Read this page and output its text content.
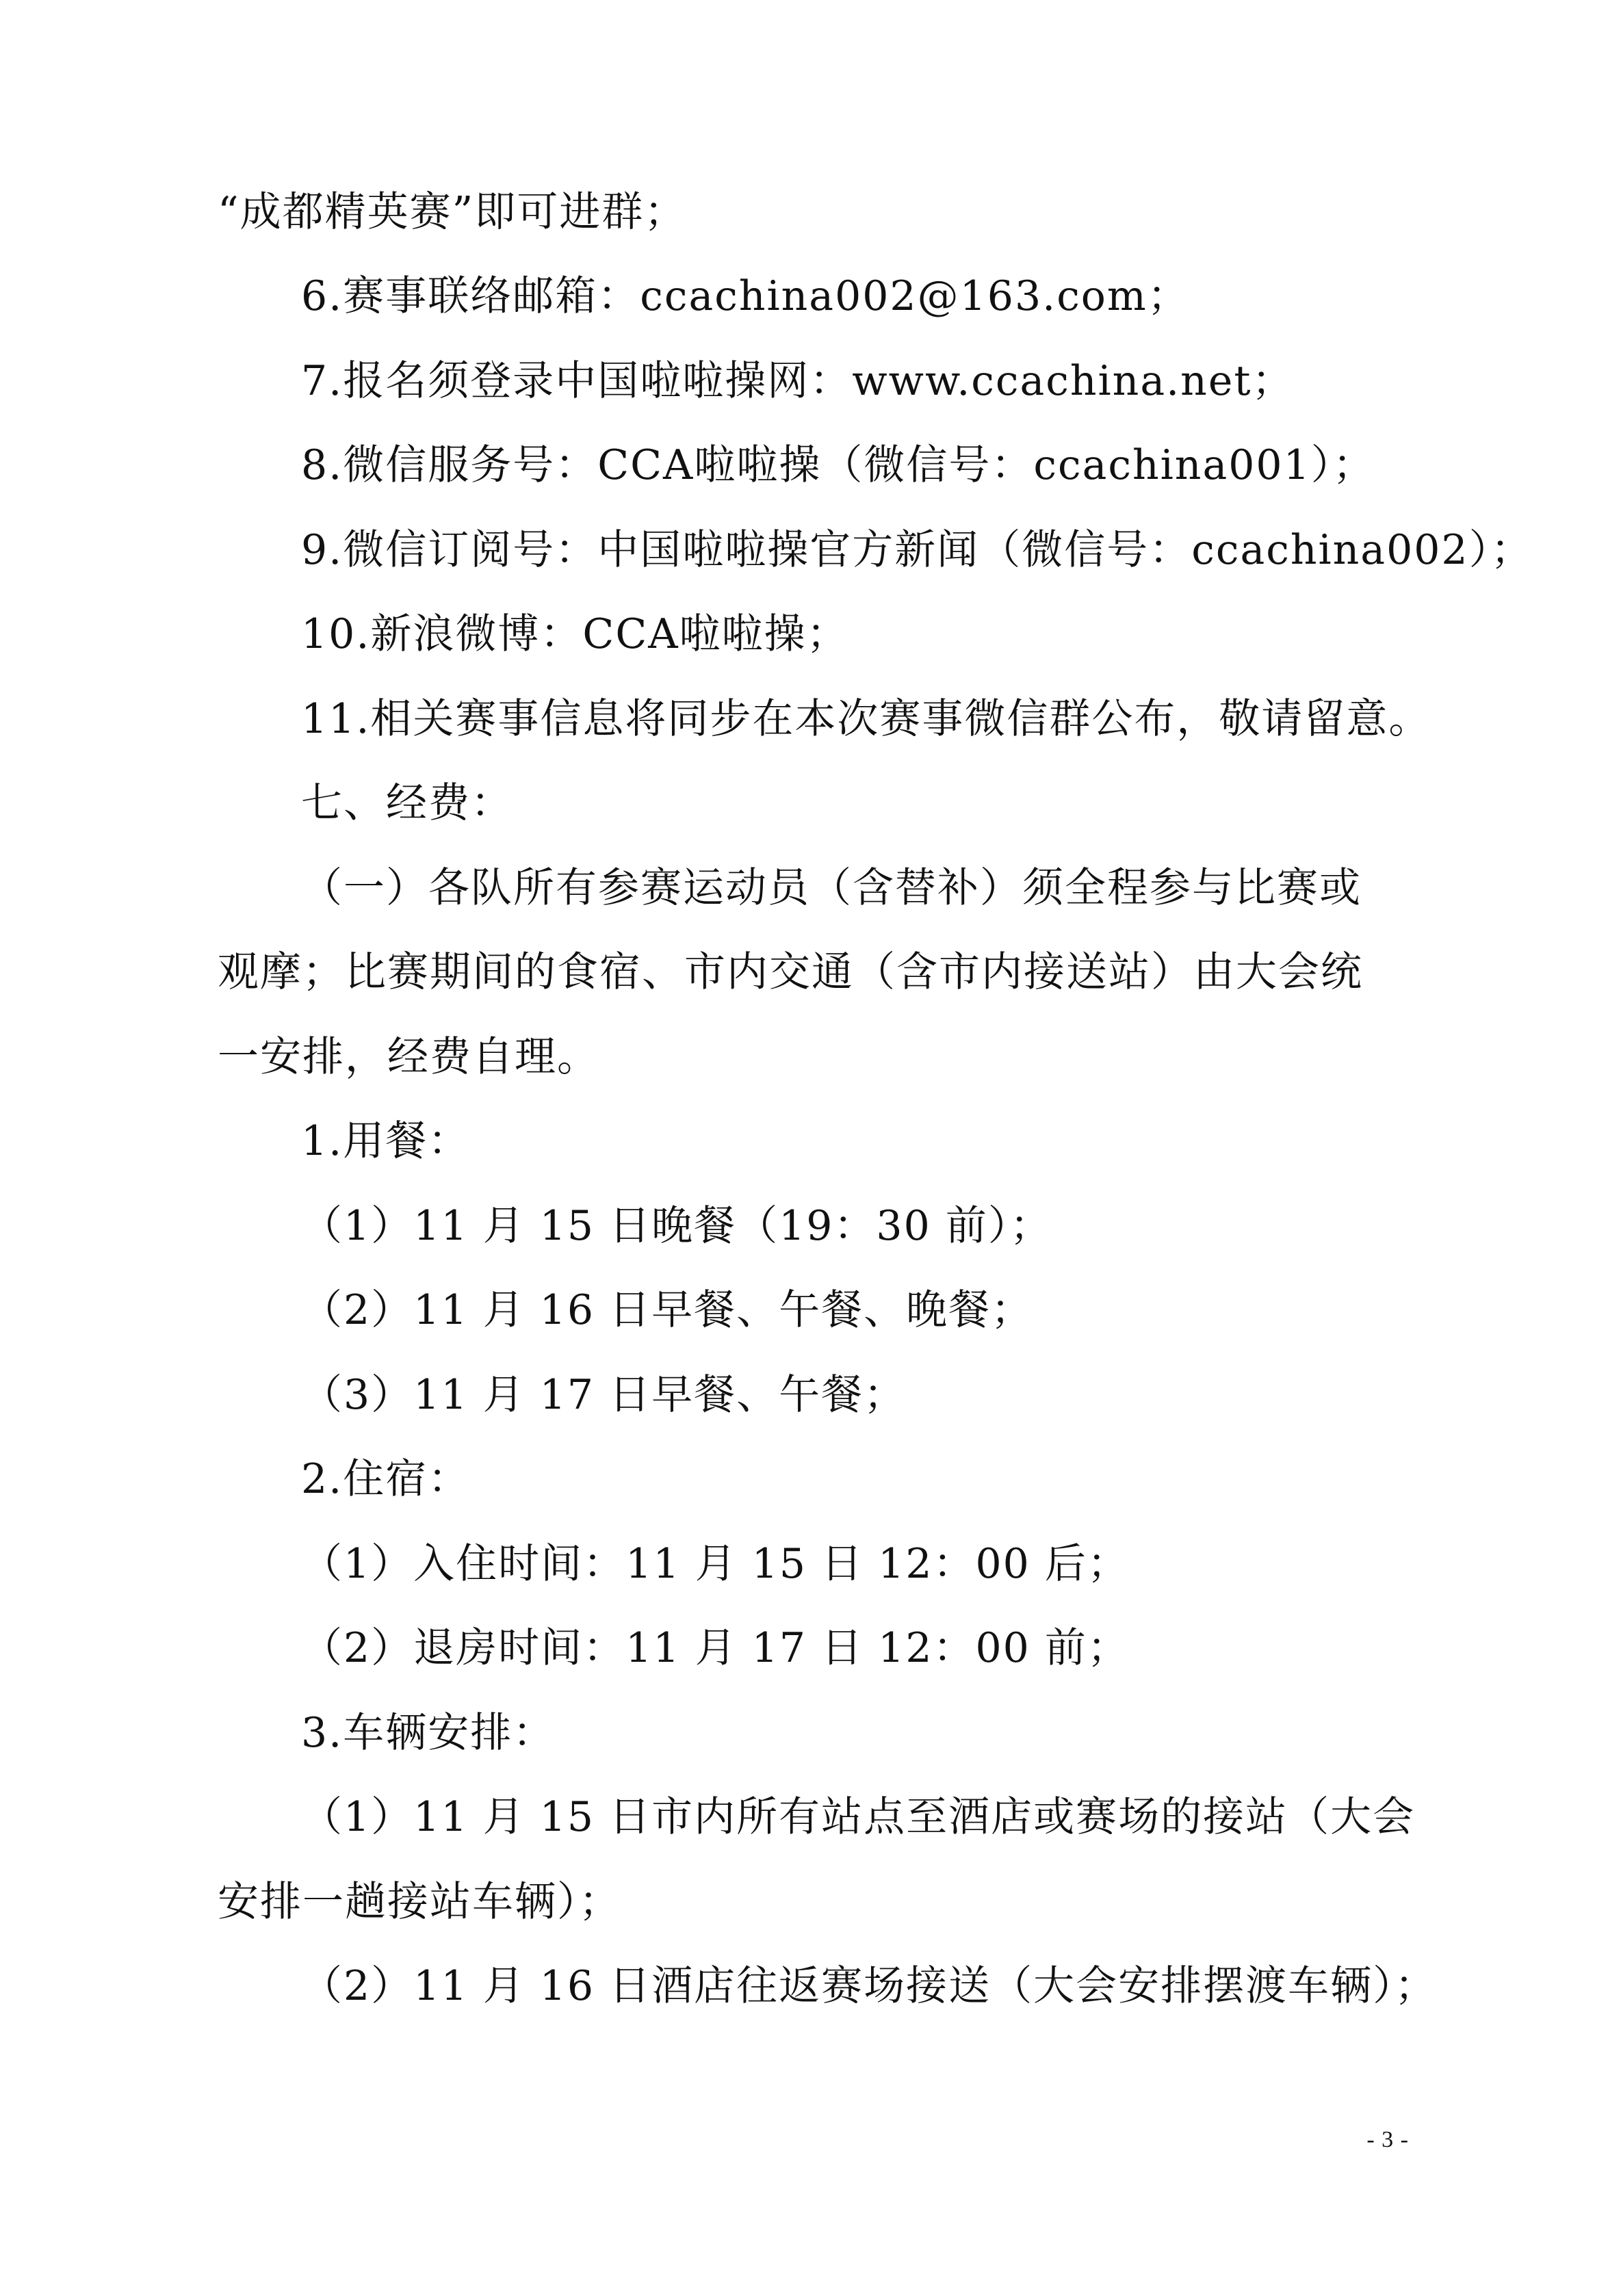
“成都精英赛”即可进群；
6.赛事联络邮箱：ccachina002@163.com；
7.报名须登录中国啦啦操网：www.ccachina.net；
8.微信服务号：CCA啦啦操（微信号：ccachina001）；
9.微信订阅号：中国啦啦操官方新闻（微信号：ccachina002）；
10.新浪微博：CCA啦啦操；
11.相关赛事信息将同步在本次赛事微信群公布，敬请留意。
七、经费：
（一）各队所有参赛运动员（含替补）须全程参与比赛或
观摩；比赛期间的食宿、市内交通（含市内接送站）由大会统
一安排，经费自理。
1.用餐：
（1）11 月 15 日晚餐（19：30 前）；
（2）11 月 16 日早餐、午餐、晚餐；
（3）11 月 17 日早餐、午餐；
2.住宿：
（1）入住时间：11 月 15 日 12：00 后；
（2）退房时间：11 月 17 日 12：00 前；
3.车辆安排：
（1）11 月 15 日市内所有站点至酒店或赛场的接站（大会
安排一趟接站车辆）；
（2）11 月 16 日酒店往返赛场接送（大会安排摆渡车辆）；
- 3 -
